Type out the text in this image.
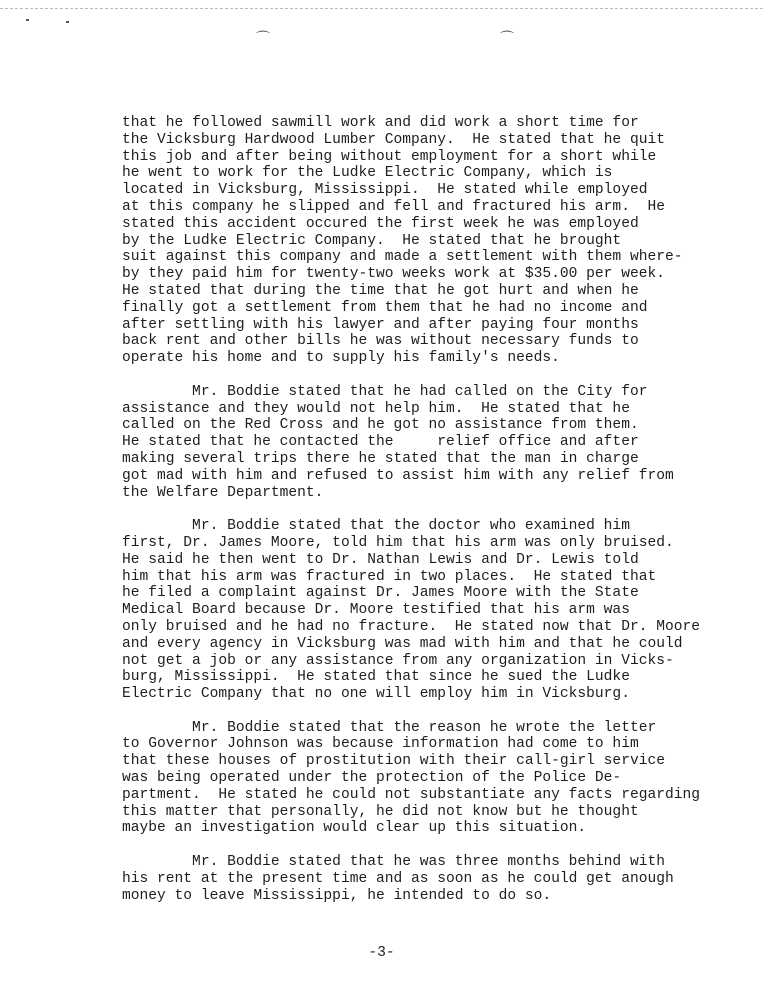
⌒	⌒
that he followed sawmill work and did work a short time for
the Vicksburg Hardwood Lumber Company.  He stated that he quit
this job and after being without employment for a short while
he went to work for the Ludke Electric Company, which is
located in Vicksburg, Mississippi.  He stated while employed
at this company he slipped and fell and fractured his arm.  He
stated this accident occured the first week he was employed
by the Ludke Electric Company.  He stated that he brought
suit against this company and made a settlement with them where-
by they paid him for twenty-two weeks work at $35.00 per week.
He stated that during the time that he got hurt and when he
finally got a settlement from them that he had no income and
after settling with his lawyer and after paying four months
back rent and other bills he was without necessary funds to
operate his home and to supply his family's needs.
Mr. Boddie stated that he had called on the City for
assistance and they would not help him.  He stated that he
called on the Red Cross and he got no assistance from them.
He stated that he contacted the     relief office and after
making several trips there he stated that the man in charge
got mad with him and refused to assist him with any relief from
the Welfare Department.
Mr. Boddie stated that the doctor who examined him
first, Dr. James Moore, told him that his arm was only bruised.
He said he then went to Dr. Nathan Lewis and Dr. Lewis told
him that his arm was fractured in two places.  He stated that
he filed a complaint against Dr. James Moore with the State
Medical Board because Dr. Moore testified that his arm was
only bruised and he had no fracture.  He stated now that Dr. Moore
and every agency in Vicksburg was mad with him and that he could
not get a job or any assistance from any organization in Vicks-
burg, Mississippi.  He stated that since he sued the Ludke
Electric Company that no one will employ him in Vicksburg.
Mr. Boddie stated that the reason he wrote the letter
to Governor Johnson was because information had come to him
that these houses of prostitution with their call-girl service
was being operated under the protection of the Police De-
partment.  He stated he could not substantiate any facts regarding
this matter that personally, he did not know but he thought
maybe an investigation would clear up this situation.
Mr. Boddie stated that he was three months behind with
his rent at the present time and as soon as he could get anough
money to leave Mississippi, he intended to do so.
-3-
